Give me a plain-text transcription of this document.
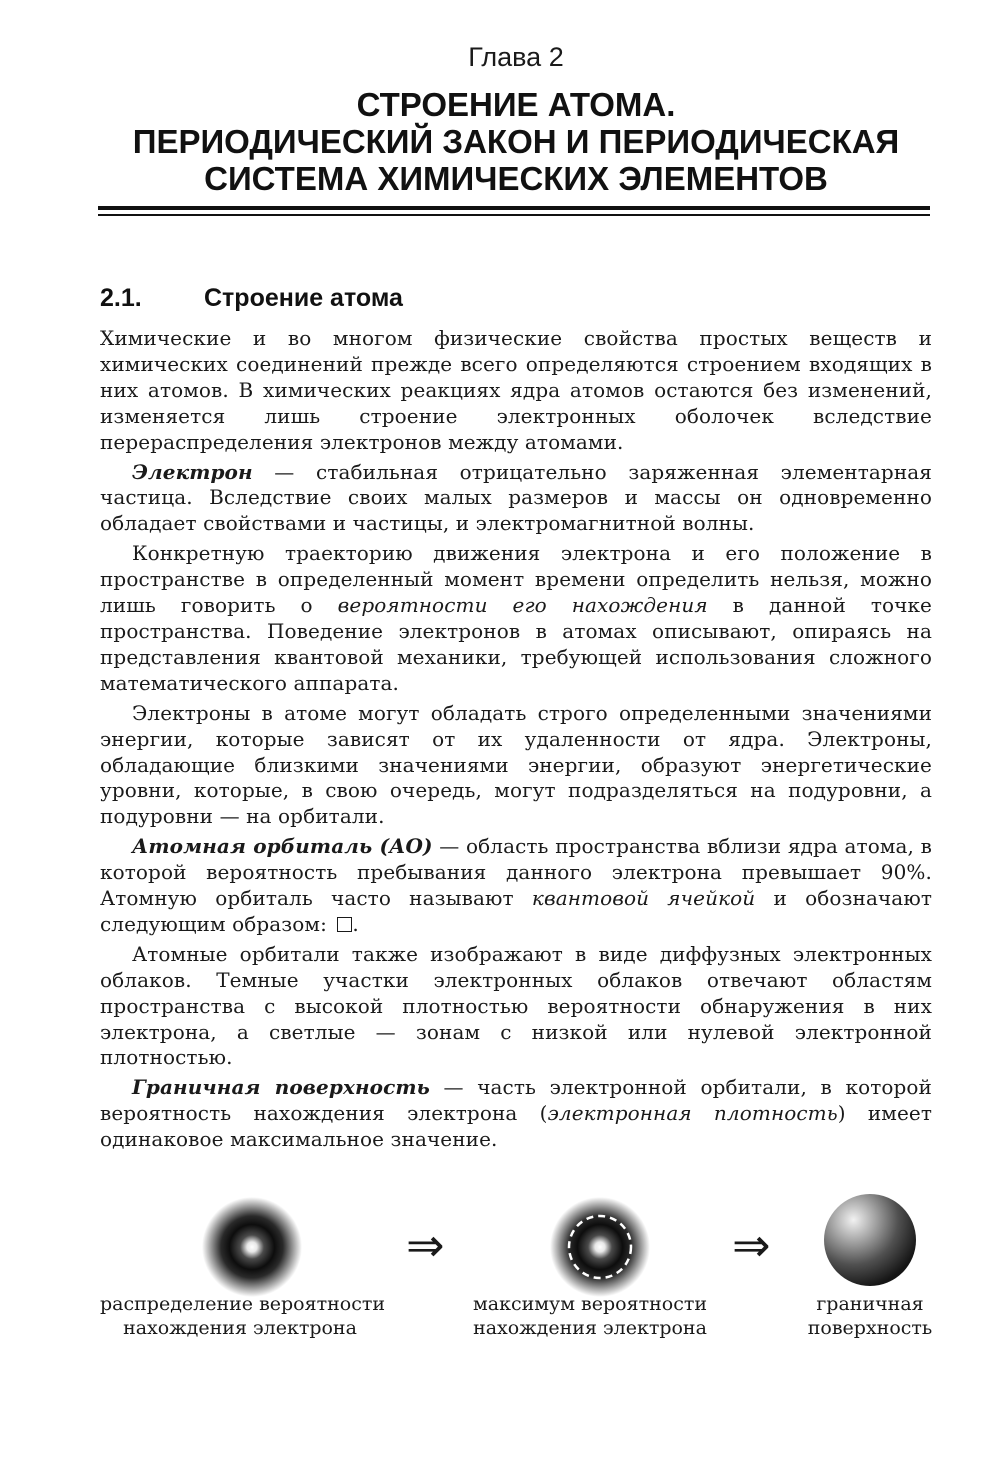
Глава 2
СТРОЕНИЕ АТОМА.
ПЕРИОДИЧЕСКИЙ ЗАКОН И ПЕРИОДИЧЕСКАЯ
СИСТЕМА ХИМИЧЕСКИХ ЭЛЕМЕНТОВ
2.1. Строение атома

Химические и во многом физические свойства простых веществ и химических соединений прежде всего определяются строением входящих в них атомов. В химических реакциях ядра атомов остаются без изменений, изменяется лишь строение электронных оболочек вследствие перераспределения электронов между атомами.

Электрон — стабильная отрицательно заряженная элементарная частица. Вследствие своих малых размеров и массы он одновременно обладает свойствами и частицы, и электромагнитной волны.

Конкретную траекторию движения электрона и его положение в пространстве в определенный момент времени определить нельзя, можно лишь говорить о вероятности его нахождения в данной точке пространства. Поведение электронов в атомах описывают, опираясь на представления квантовой механики, требующей использования сложного математического аппарата.

Электроны в атоме могут обладать строго определенными значениями энергии, которые зависят от их удаленности от ядра. Электроны, обладающие близкими значениями энергии, образуют энергетические уровни, которые, в свою очередь, могут подразделяться на подуровни, а подуровни — на орбитали.

Атомная орбиталь (АО) — область пространства вблизи ядра атома, в которой вероятность пребывания данного электрона превышает 90%. Атомную орбиталь часто называют квантовой ячейкой и обозначают следующим образом: .

Атомные орбитали также изображают в виде диффузных электронных облаков. Темные участки электронных облаков отвечают областям пространства с высокой плотностью вероятности обнаружения в них электрона, а светлые — зонам с низкой или нулевой электронной плотностью.

Граничная поверхность — часть электронной орбитали, в которой вероятность нахождения электрона (электронная плотность) имеет одинаковое максимальное значение.

⇒	⇒
распределение вероятности
нахождения электрона
максимум вероятности
нахождения электрона
граничная
поверхность
